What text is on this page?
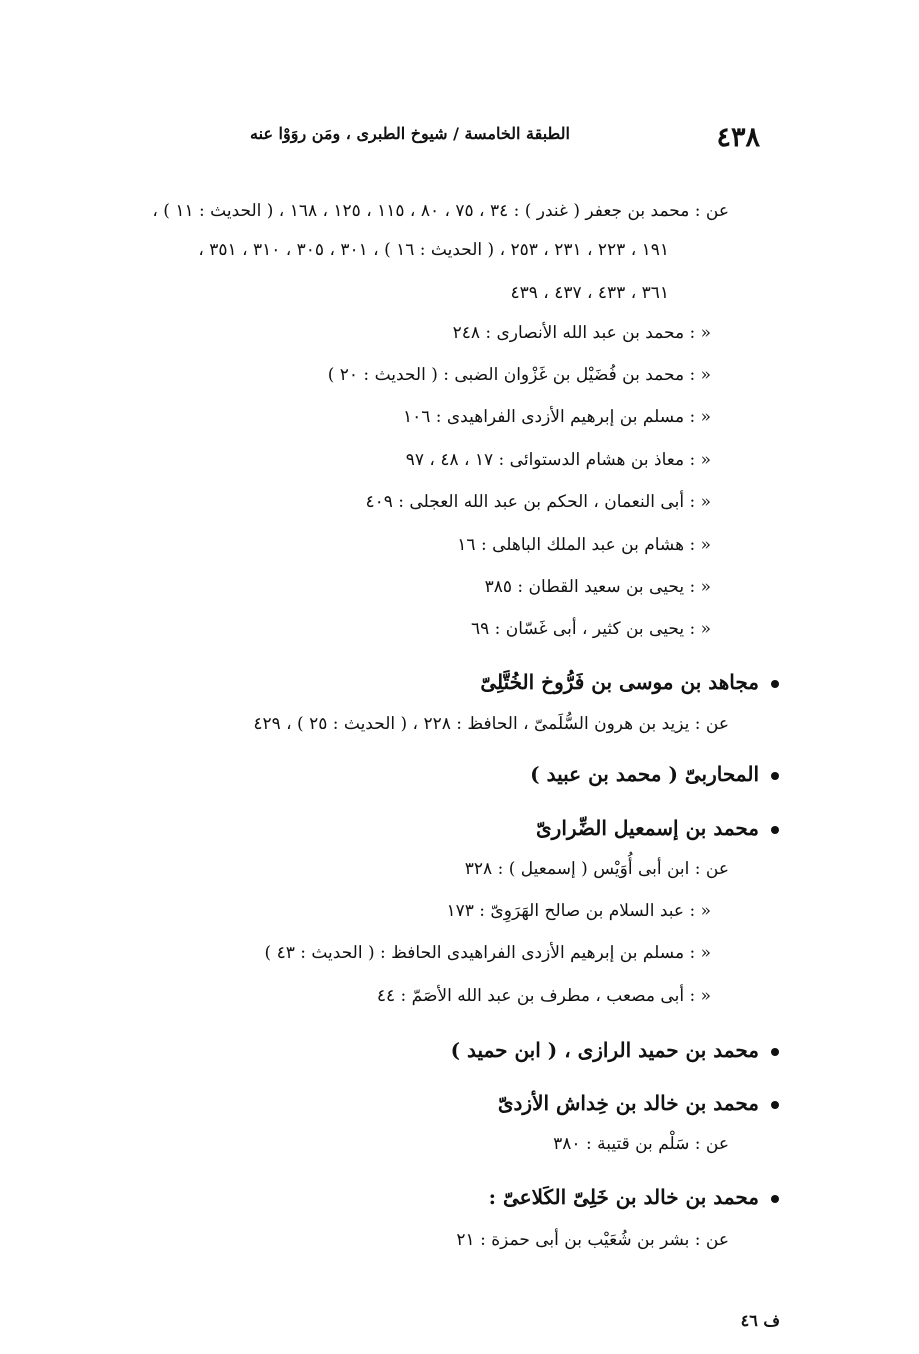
٤٣٨
الطبقة الخامسة / شيوخ الطبرى ، ومَن روَوْا عنه
عن : محمد بن جعفر ( غندر ) : ٣٤ ، ٧٥ ، ٨٠ ، ١١٥ ، ١٢٥ ، ١٦٨ ، ( الحديث : ١١ ) ،
١٩١ ، ٢٢٣ ، ٢٣١ ، ٢٥٣ ، ( الحديث : ١٦ ) ، ٣٠١ ، ٣٠٥ ، ٣١٠ ، ٣٥١ ،
٣٦١ ، ٤٣٣ ، ٤٣٧ ، ٤٣٩
« : محمد بن عبد الله الأنصارى : ٢٤٨
« : محمد بن فُضَيْل بن غَزْوان الضبى : ( الحديث : ٢٠ )
« : مسلم بن إبرهيم الأزدى الفراهيدى : ١٠٦
« : معاذ بن هشام الدستوائى : ١٧ ، ٤٨ ، ٩٧
« : أبى النعمان ، الحكم بن عبد الله العجلى : ٤٠٩
« : هشام بن عبد الملك الباهلى : ١٦
« : يحيى بن سعيد القطان : ٣٨٥
« : يحيى بن كثير ، أبى غَسّان : ٦٩
مجاهد بن موسى بن فَرُّوخ الخُتَّلِىّ
عن : يزيد بن هرون السُّلَمىّ ، الحافظ : ٢٢٨ ، ( الحديث : ٢٥ ) ، ٤٢٩
المحاربىّ ( محمد بن عبيد )
محمد بن إسمعيل الضِّرارىّ
عن : ابن أبى أُوَيْس ( إسمعيل ) : ٣٢٨
« : عبد السلام بن صالح الهَرَوِىّ : ١٧٣
« : مسلم بن إبرهيم الأزدى الفراهيدى الحافظ : ( الحديث : ٤٣ )
« : أبى مصعب ، مطرف بن عبد الله الأصَمّ : ٤٤
محمد بن حميد الرازى ، ( ابن حميد )
محمد بن خالد بن خِداش الأزدىّ
عن : سَلْم بن قتيبة : ٣٨٠
محمد بن خالد بن خَلِىّ الكَلاعىّ :
عن : بشر بن شُعَيْب بن أبى حمزة : ٢١
ف ٤٦
